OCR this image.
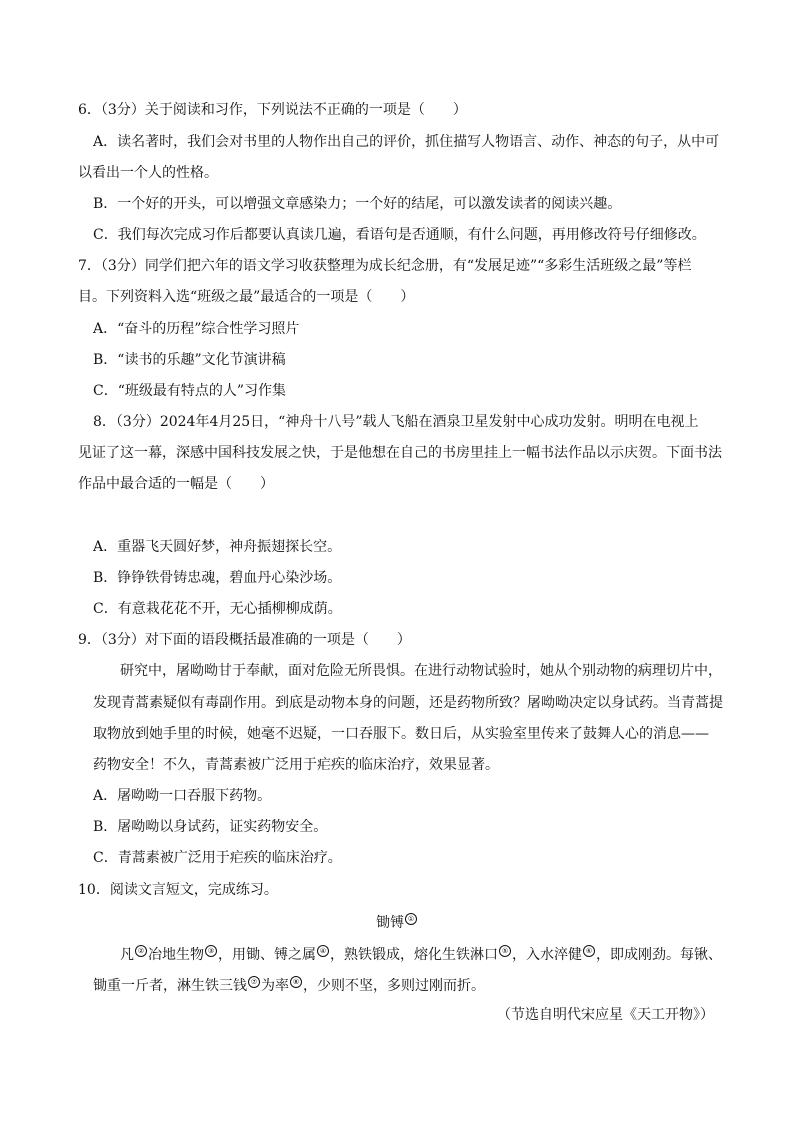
6．（3分）关于阅读和习作，下列说法不正确的一项是（　　）
A．读名著时，我们会对书里的人物作出自己的评价，抓住描写人物语言、动作、神态的句子，从中可
以看出一个人的性格。
B．一个好的开头，可以增强文章感染力；一个好的结尾，可以激发读者的阅读兴趣。
C．我们每次完成习作后都要认真读几遍，看语句是否通顺，有什么问题，再用修改符号仔细修改。
7．（3分）同学们把六年的语文学习收获整理为成长纪念册，有“发展足迹”“多彩生活班级之最”等栏
目。下列资料入选“班级之最”最适合的一项是（　　）
A．“奋斗的历程”综合性学习照片
B．“读书的乐趣”文化节演讲稿
C．“班级最有特点的人”习作集
8．（3分）2024年4月25日，“神舟十八号”载人飞船在酒泉卫星发射中心成功发射。明明在电视上
见证了这一幕，深感中国科技发展之快，于是他想在自己的书房里挂上一幅书法作品以示庆贺。下面书法
作品中最合适的一幅是（　　）
A．重器飞天圆好梦，神舟振翅探长空。
B．铮铮铁骨铸忠魂，碧血丹心染沙场。
C．有意栽花花不开，无心插柳柳成荫。
9．（3分）对下面的语段概括最准确的一项是（　　）
研究中，屠呦呦甘于奉献，面对危险无所畏惧。在进行动物试验时，她从个别动物的病理切片中，
发现青蒿素疑似有毒副作用。到底是动物本身的问题，还是药物所致？屠呦呦决定以身试药。当青蒿提
取物放到她手里的时候，她毫不迟疑，一口吞服下。数日后，从实验室里传来了鼓舞人心的消息——
药物安全！不久，青蒿素被广泛用于疟疾的临床治疗，效果显著。
A．屠呦呦一口吞服下药物。
B．屠呦呦以身试药，证实药物安全。
C．青蒿素被广泛用于疟疾的临床治疗。
10．阅读文言短文，完成练习。
锄镈 ①
凡 ② 冶地生物 ③ ，用锄、镈之属 ④ ，熟铁锻成，熔化生铁淋口 ⑤ ，入水淬健 ⑥ ，即成刚劲。每锹、
锄重一斤者，淋生铁三钱 ⑦ 为率 ⑧ ，少则不坚，多则过刚而折。
（节选自明代宋应星《天工开物》）
